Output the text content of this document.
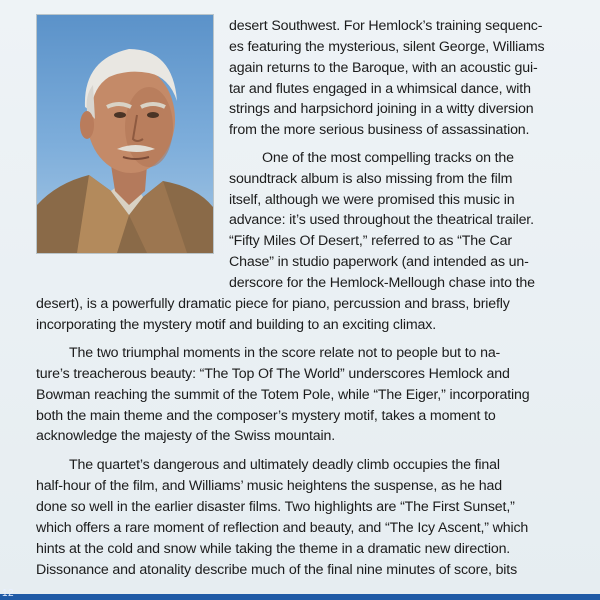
desert Southwest. For Hemlock’s training sequenc-
es featuring the mysterious, silent George, Williams
again returns to the Baroque, with an acoustic gui-
tar and flutes engaged in a whimsical dance, with
strings and harpsichord joining in a witty diversion
from the more serious business of assassination.
One of the most compelling tracks on the
soundtrack album is also missing from the film
itself, although we were promised this music in
advance: it’s used throughout the theatrical trailer.
“Fifty Miles Of Desert,” referred to as “The Car
Chase” in studio paperwork (and intended as un-
derscore for the Hemlock-Mellough chase into the
desert), is a powerfully dramatic piece for piano, percussion and brass, briefly
incorporating the mystery motif and building to an exciting climax.
The two triumphal moments in the score relate not to people but to na-
ture’s treacherous beauty: “The Top Of The World” underscores Hemlock and
Bowman reaching the summit of the Totem Pole, while “The Eiger,” incorporating
both the main theme and the composer’s mystery motif, takes a moment to
acknowledge the majesty of the Swiss mountain.
The quartet’s dangerous and ultimately deadly climb occupies the final
half-hour of the film, and Williams’ music heightens the suspense, as he had
done so well in the earlier disaster films. Two highlights are “The First Sunset,”
which offers a rare moment of reflection and beauty, and “The Icy Ascent,” which
hints at the cold and snow while taking the theme in a dramatic new direction.
Dissonance and atonality describe much of the final nine minutes of score, bits
12
